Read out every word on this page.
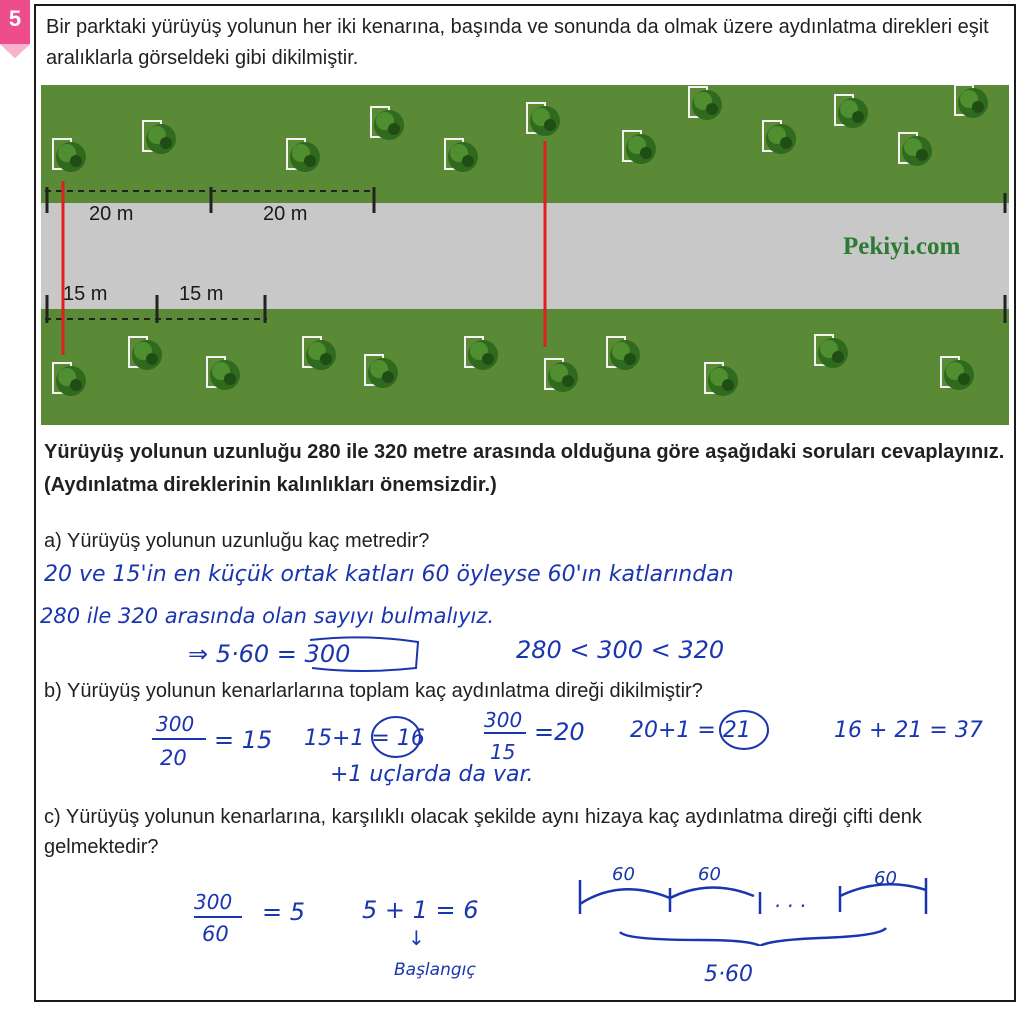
5	Bir parktaki yürüyüş yolunun her iki kenarına, başında ve sonunda da olmak üzere aydınlatma direkleri eşit aralıklarla görseldeki gibi dikilmiştir.
20 m	20 m
15 m	15 m
Pekiyi.com
Yürüyüş yolunun uzunluğu 280 ile 320 metre arasında olduğuna göre aşağıdaki soruları cevaplayınız. (Aydınlatma direklerinin kalınlıkları önemsizdir.)
a) Yürüyüş yolunun uzunluğu kaç metredir?
20 ve 15'in en küçük ortak katları 60 öyleyse 60'ın katlarından
280 ile 320 arasında olan sayıyı bulmalıyız.
⇒ 5·60 = 300	280 < 300 < 320
b) Yürüyüş yolunun kenarlarlarına toplam kaç aydınlatma direği dikilmiştir?
300
20
= 15 15+1 = 16
300
15
=20 20+1 = 21	16 + 21 = 37
+1 uçlarda da var.
c) Yürüyüş yolunun kenarlarına, karşılıklı olacak şekilde aynı hizaya kaç aydınlatma direği çifti denk gelmektedir?
300
60
= 5 5 + 1 = 6
↓
Başlangıç
60	60	60
· · ·
5·60
